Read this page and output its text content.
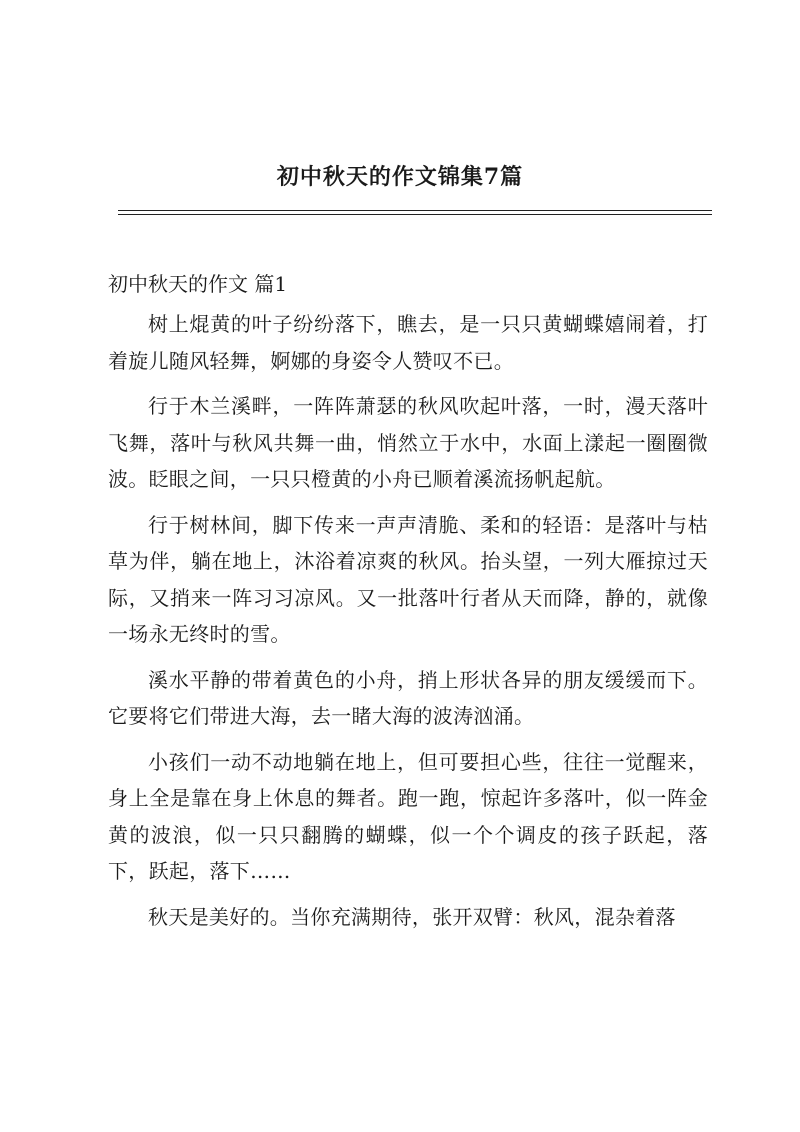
初中秋天的作文锦集7篇
初中秋天的作文 篇1

树上焜黄的叶子纷纷落下，瞧去，是一只只黄蝴蝶嬉闹着，打着旋儿随风轻舞，婀娜的身姿令人赞叹不已。

行于木兰溪畔，一阵阵萧瑟的秋风吹起叶落，一时，漫天落叶飞舞，落叶与秋风共舞一曲，悄然立于水中，水面上漾起一圈圈微波。眨眼之间，一只只橙黄的小舟已顺着溪流扬帆起航。

行于树林间，脚下传来一声声清脆、柔和的轻语：是落叶与枯草为伴，躺在地上，沐浴着凉爽的秋风。抬头望，一列大雁掠过天际，又捎来一阵习习凉风。又一批落叶行者从天而降，静的，就像一场永无终时的雪。

溪水平静的带着黄色的小舟，捎上形状各异的朋友缓缓而下。它要将它们带进大海，去一睹大海的波涛汹涌。

小孩们一动不动地躺在地上，但可要担心些，往往一觉醒来，身上全是靠在身上休息的舞者。跑一跑，惊起许多落叶，似一阵金黄的波浪，似一只只翻腾的蝴蝶，似一个个调皮的孩子跃起，落下，跃起，落下……

秋天是美好的。当你充满期待，张开双臂：秋风，混杂着落
